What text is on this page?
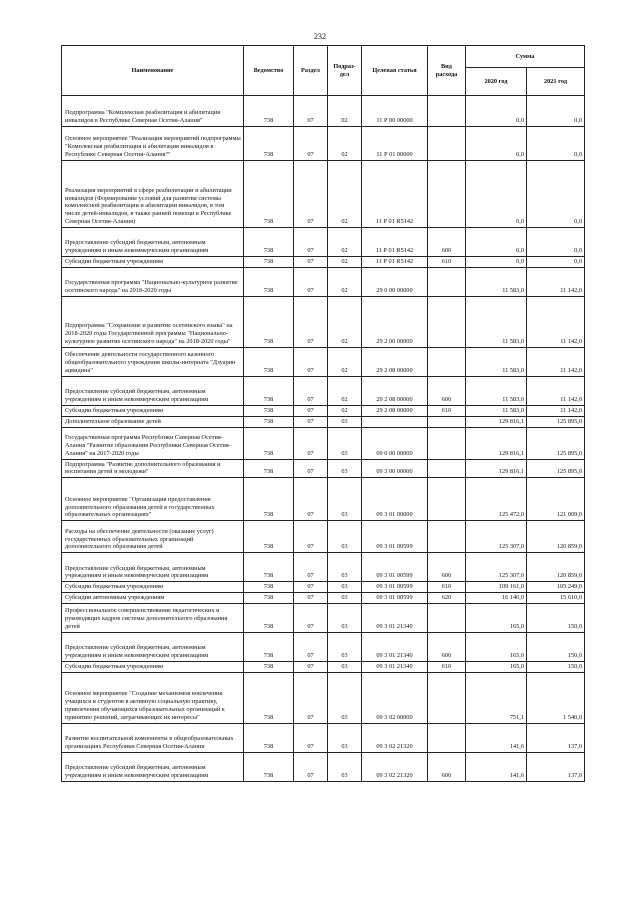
232
Наименование	Ведомство	Раздел	Подраз-дел	Целевая статья	Вид расхода	Сумма	
						2020 год	2021 год
Подпрограмма "Комплексная реабилитация и абилитация инвалидов в Республике Северная Осетия-Алания"	738	07	02	11 Р 00 00000		0,0	0,0
Основное мероприятие "Реализация мероприятий подпрограммы "Комплексная реабилитация и абилитация инвалидов в Республике Северная Осетия-Алания""	738	07	02	11 Р 01 00000		0,0	0,0
Реализация мероприятий в сфере реабилитации и абилитации инвалидов (Формирование условий для развития системы комплексной реабилитации и абилитации инвалидов, в том числе детей-инвалидов, в также ранней помощи в Республике Северная Осетия-Алания)	738	07	02	11 Р 01 R5142		0,0	0,0
Предоставление субсидий бюджетным, автономным учреждениям и иным некоммерческим организациям	738	07	02	11 Р 01 R5142	600	0,0	0,0
Субсидии бюджетным учреждениям	738	07	02	11 Р 01 R5142	610	0,0	0,0
Государственная программа "Национально-культурное развитие осетинского народа" на 2018-2020 годы	738	07	02	29 0 00 00000		11 583,0	11 142,0
Подпрограмма "Сохранение и развитие осетинского языка" на 2018-2020 годы Государственной программы "Национально-культурное развитие осетинского народа" на 2018-2020 годы"	738	07	02	29 2 00 00000		11 583,0	11 142,0
Обеспечение деятельности государственного казенного общеобразовательного учреждения школы-интерната "Дзуарин ацвидина"	738	07	02	29 2 08 00000		11 583,0	11 142,0
Предоставление субсидий бюджетным, автономным учреждениям и иным некоммерческим организациям	738	07	02	29 2 08 00000	600	11 583,0	11 142,0
Субсидии бюджетным учреждениям	738	07	02	29 2 08 00000	610	11 583,0	11 142,0
Дополнительное образование детей	738	07	03			129 816,1	125 895,0
Государственная программа Республики Северная Осетия-Алания "Развитие образования Республики Северная Осетия-Алания" на 2017-2020 годы	738	07	03	09 0 00 00000		129 816,1	125 895,0
Подпрограмма "Развитие дополнительного образования и воспитания детей и молодежи"	738	07	03	09 3 00 00000		129 816,1	125 895,0
Основное мероприятие "Организация предоставления дополнительного образования детей в государственных образовательных организациях"	738	07	03	09 3 01 00000		125 472,0	121 009,0
Расходы на обеспечение деятельности (оказание услуг) государственных образовательных организаций дополнительного образования детей	738	07	03	09 3 01 00599		125 307,0	120 859,0
Предоставление субсидий бюджетным, автономным учреждениям и иным некоммерческим организациям	738	07	03	09 3 01 00599	600	125 307,0	120 859,0
Субсидии бюджетным учреждениям	738	07	03	09 3 01 00599	610	109 161,0	105 249,0
Субсидии автономным учреждениям	738	07	03	09 3 01 00599	620	16 146,0	15 610,0
Профессиональное совершенствование педагогических и руководящих кадров системы дополнительного образования детей	738	07	03	09 3 01 21340		165,0	150,0
Предоставление субсидий бюджетным, автономным учреждениям и иным некоммерческим организациям	738	07	03	09 3 01 21340	600	165,0	150,0
Субсидии бюджетным учреждениям	738	07	03	09 3 01 21340	610	165,0	150,0
Основное мероприятие "Создание механизмов вовлечения учащихся и студентов в активную социальную практику, привлечения обучающихся образовательных организаций к принятию решений, затрагивающих их интересы"	738	07	03	09 3 02 00000		751,1	1 540,0
Развитие воспитательной компоненты в общеобразовательных организациях Республики Северная Осетия-Алания	738	07	03	09 3 02 21320		141,6	137,0
Предоставление субсидий бюджетным, автономным учреждениям и иным некоммерческим организациям	738	07	03	09 3 02 21320	600	141,6	137,0
